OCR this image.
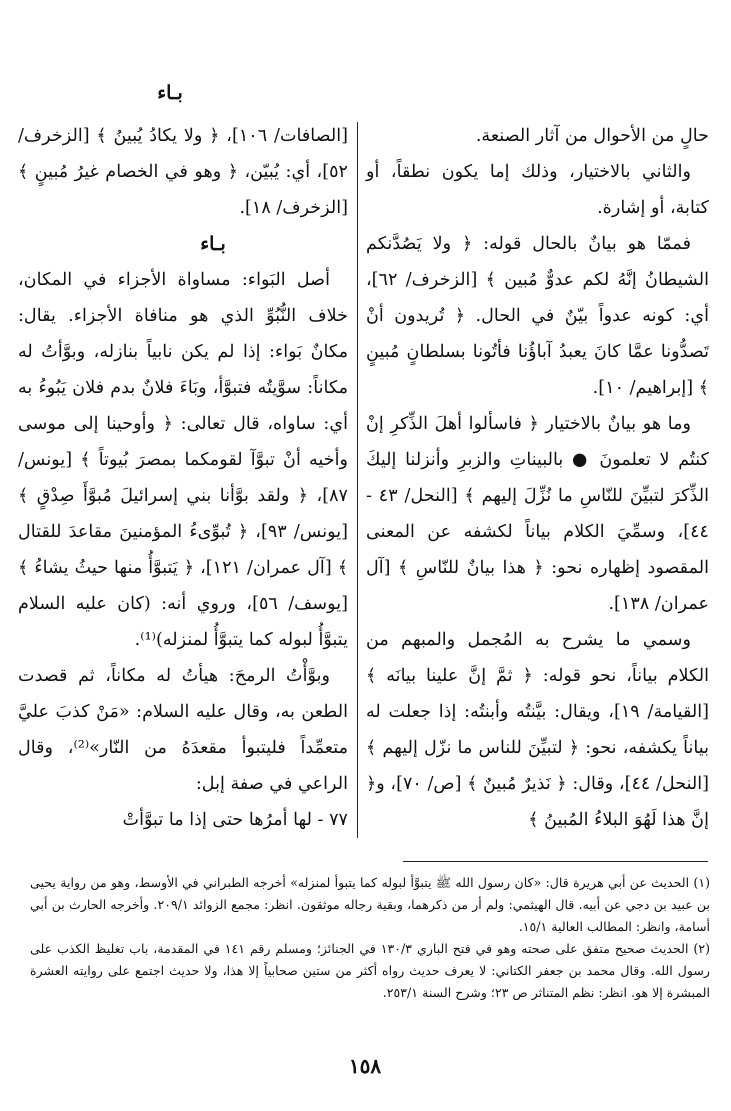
بـاء

حالٍ من الأحوال من آثار الصنعة.

والثاني بالاختيار، وذلك إما يكون نطقاً، أو كتابة، أو إشارة.

فممّا هو بيانٌ بالحال قوله: ﴿ ولا يَصُدَّنكم الشيطانُ إنَّهُ لكم عدوٌّ مُبين ﴾ [الزخرف/ ٦٢]، أي: كونه عدواً بيّنٌ في الحال. ﴿ تُريدون أنْ تَصدُّونا عمَّا كانَ يعبدُ آباؤُنا فأتُونا بسلطانٍ مُبينٍ ﴾ [إبراهيم/ ١٠].

وما هو بيانٌ بالاختيار ﴿ فاسألوا أهلَ الذِّكرِ إنْ كنتُم لا تعلمونَ ● بالبيناتِ والزبرِ وأنزلنا إليكَ الذِّكرَ لتبيِّنَ للنّاسِ ما نُزِّلَ إليهم ﴾ [النحل/ ٤٣ - ٤٤]، وسمِّيَ الكلام بياناً لكشفه عن المعنى المقصود إظهاره نحو: ﴿ هذا بيانٌ للنّاسِ ﴾ [آل عمران/ ١٣٨].

وسمي ما يشرح به المُجمل والمبهم من الكلام بياناً، نحو قوله: ﴿ ثمَّ إنَّ علينا بيانَه ﴾ [القيامة/ ١٩]، ويقال: بيَّنتُه وأبنتُه: إذا جعلت له بياناً يكشفه، نحو: ﴿ لتبيِّنَ للناس ما نزّل إليهم ﴾ [النحل/ ٤٤]، وقال: ﴿ نَذيرٌ مُبينٌ ﴾ [ص/ ٧٠]، و﴿ إنَّ هذا لَهُوَ البلاءُ المُبينُ ﴾

[الصافات/ ١٠٦]، ﴿ ولا يكادُ يُبينُ ﴾ [الزخرف/ ٥٢]، أي: يُبيّن، ﴿ وهو في الخصام غيرُ مُبينٍ ﴾ [الزخرف/ ١٨].

بـاء

أصل البَواء: مساواة الأجزاء في المكان، خلاف النُّبُوِّ الذي هو منافاة الأجزاء. يقال: مكانٌ بَواء: إذا لم يكن نابياً بنازله، وبوَّأتُ له مكاناً: سوَّيتُه فتبوَّأ، وبَاءَ فلانٌ بدم فلان يَبُوءُ به أي: ساواه، قال تعالى: ﴿ وأوحينا إلى موسى وأخيه أنْ تبوَّآ لقومكما بمصرَ بُيوتاً ﴾ [يونس/ ٨٧]، ﴿ ولقد بوَّأنا بني إسرائيلَ مُبوَّأَ صِدْقٍ ﴾ [يونس/ ٩٣]، ﴿ تُبوِّىءُ المؤمنينَ مقاعدَ للقتال ﴾ [آل عمران/ ١٢١]، ﴿ يَتبوَّأُ منها حيثُ يشاءُ ﴾ [يوسف/ ٥٦]، وروي أنه: (كان عليه السلام يتبوَّأُ لبوله كما يتبوَّأُ لمنزله)⁽¹⁾.

وبوَّأْتُ الرمحَ: هيأتُ له مكاناً، ثم قصدت الطعن به، وقال عليه السلام: «مَنْ كذبَ عليَّ متعمِّداً فليتبوأ مقعدَهُ من النّار»⁽²⁾، وقال الراعي في صفة إبل:

٧٧ - لها أمرُها حتى إذا ما تبوَّأتْ

(١) الحديث عن أبي هريرة قال: «كان رسول الله ﷺ يتبوَّأ لبوله كما يتبوأ لمنزله» أخرجه الطبراني في الأوسط، وهو من رواية يحيى بن عبيد بن دجي عن أبيه. قال الهيثمي: ولم أر من ذكرهما، وبقية رجاله موثقون. انظر: مجمع الزوائد ٢٠٩/١. وأخرجه الحارث بن أبي أسامة، وانظر: المطالب العالية ١٥/١.

(٢) الحديث صحيح متفق على صحته وهو في فتح الباري ١٣٠/٣ في الجنائز؛ ومسلم رقم ١٤١ في المقدمة، باب تغليظ الكذب على رسول الله. وقال محمد بن جعفر الكتاني: لا يعرف حديث رواه أكثر من ستين صحابياً إلا هذا، ولا حديث اجتمع على روايته العشرة المبشرة إلا هو. انظر: نظم المتناثر ص ٢٣؛ وشرح السنة ٢٥٣/١.

١٥٨
